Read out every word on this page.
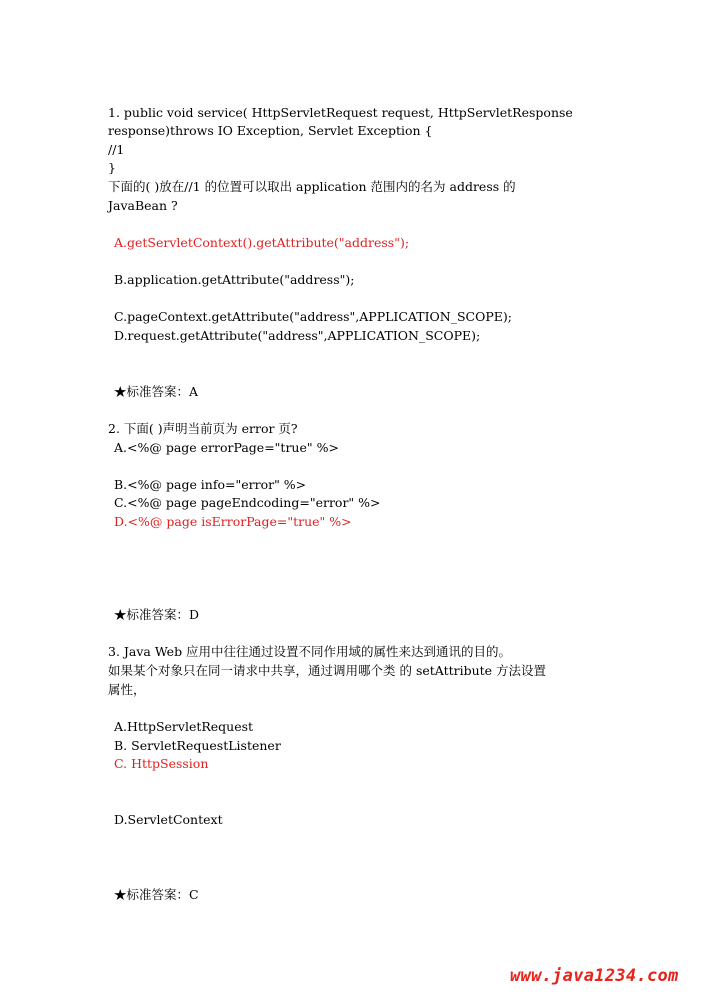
1. public void service( HttpServletRequest request, HttpServletResponse
response)throws IO Exception, Servlet Exception {
//1
}
下面的( )放在//1 的位置可以取出 application 范围内的名为 address 的
JavaBean ?
A.getServletContext().getAttribute("address");
B.application.getAttribute("address");
C.pageContext.getAttribute("address",APPLICATION_SCOPE);
D.request.getAttribute("address",APPLICATION_SCOPE);
★标准答案：A
2. 下面( )声明当前页为 error 页?
A.<%@ page errorPage="true" %>
B.<%@ page info="error" %>
C.<%@ page pageEndcoding="error" %>
D.<%@ page isErrorPage="true" %>
★标准答案：D
3. Java Web 应用中往往通过设置不同作用域的属性来达到通讯的目的。
如果某个对象只在同一请求中共享，通过调用哪个类 的 setAttribute 方法设置
属性，
A.HttpServletRequest
B. ServletRequestListener
C. HttpSession
D.ServletContext
★标准答案：C
www.java1234.com
